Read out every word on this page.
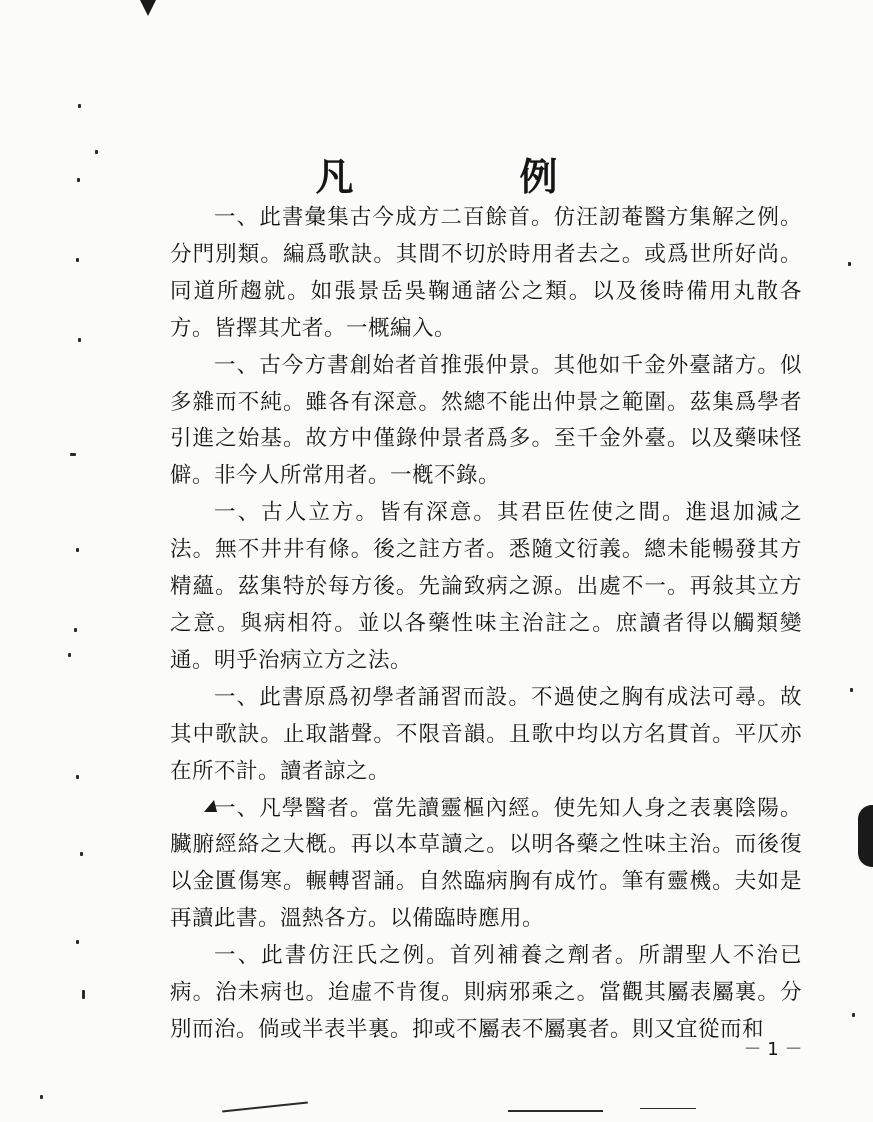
凡　例

一、此書彙集古今成方二百餘首。仿汪訒菴醫方集解之例。分門別類。編爲歌訣。其間不切於時用者去之。或爲世所好尚。同道所趨就。如張景岳吳鞠通諸公之類。以及後時備用丸散各方。皆擇其尤者。一概編入。

一、古今方書創始者首推張仲景。其他如千金外臺諸方。似多雜而不純。雖各有深意。然總不能出仲景之範圍。茲集爲學者引進之始基。故方中僅錄仲景者爲多。至千金外臺。以及藥味怪僻。非今人所常用者。一槪不錄。

一、古人立方。皆有深意。其君臣佐使之間。進退加減之法。無不井井有條。後之註方者。悉隨文衍義。總未能暢發其方精蘊。茲集特於每方後。先論致病之源。出處不一。再敍其立方之意。與病相符。並以各藥性味主治註之。庶讀者得以觸類變通。明乎治病立方之法。

一、此書原爲初學者誦習而設。不過使之胸有成法可尋。故其中歌訣。止取諧聲。不限音韻。且歌中均以方名貫首。平仄亦在所不計。讀者諒之。

一、凡學醫者。當先讀靈樞內經。使先知人身之表裏陰陽。臟腑經絡之大槪。再以本草讀之。以明各藥之性味主治。而後復以金匱傷寒。輾轉習誦。自然臨病胸有成竹。筆有靈機。夫如是再讀此書。溫熱各方。以備臨時應用。

一、此書仿汪氏之例。首列補養之劑者。所謂聖人不治已病。治未病也。迨虛不肯復。則病邪乘之。當觀其屬表屬裏。分別而治。倘或半表半裏。抑或不屬表不屬裏者。則又宜從而和

－ 1 －
